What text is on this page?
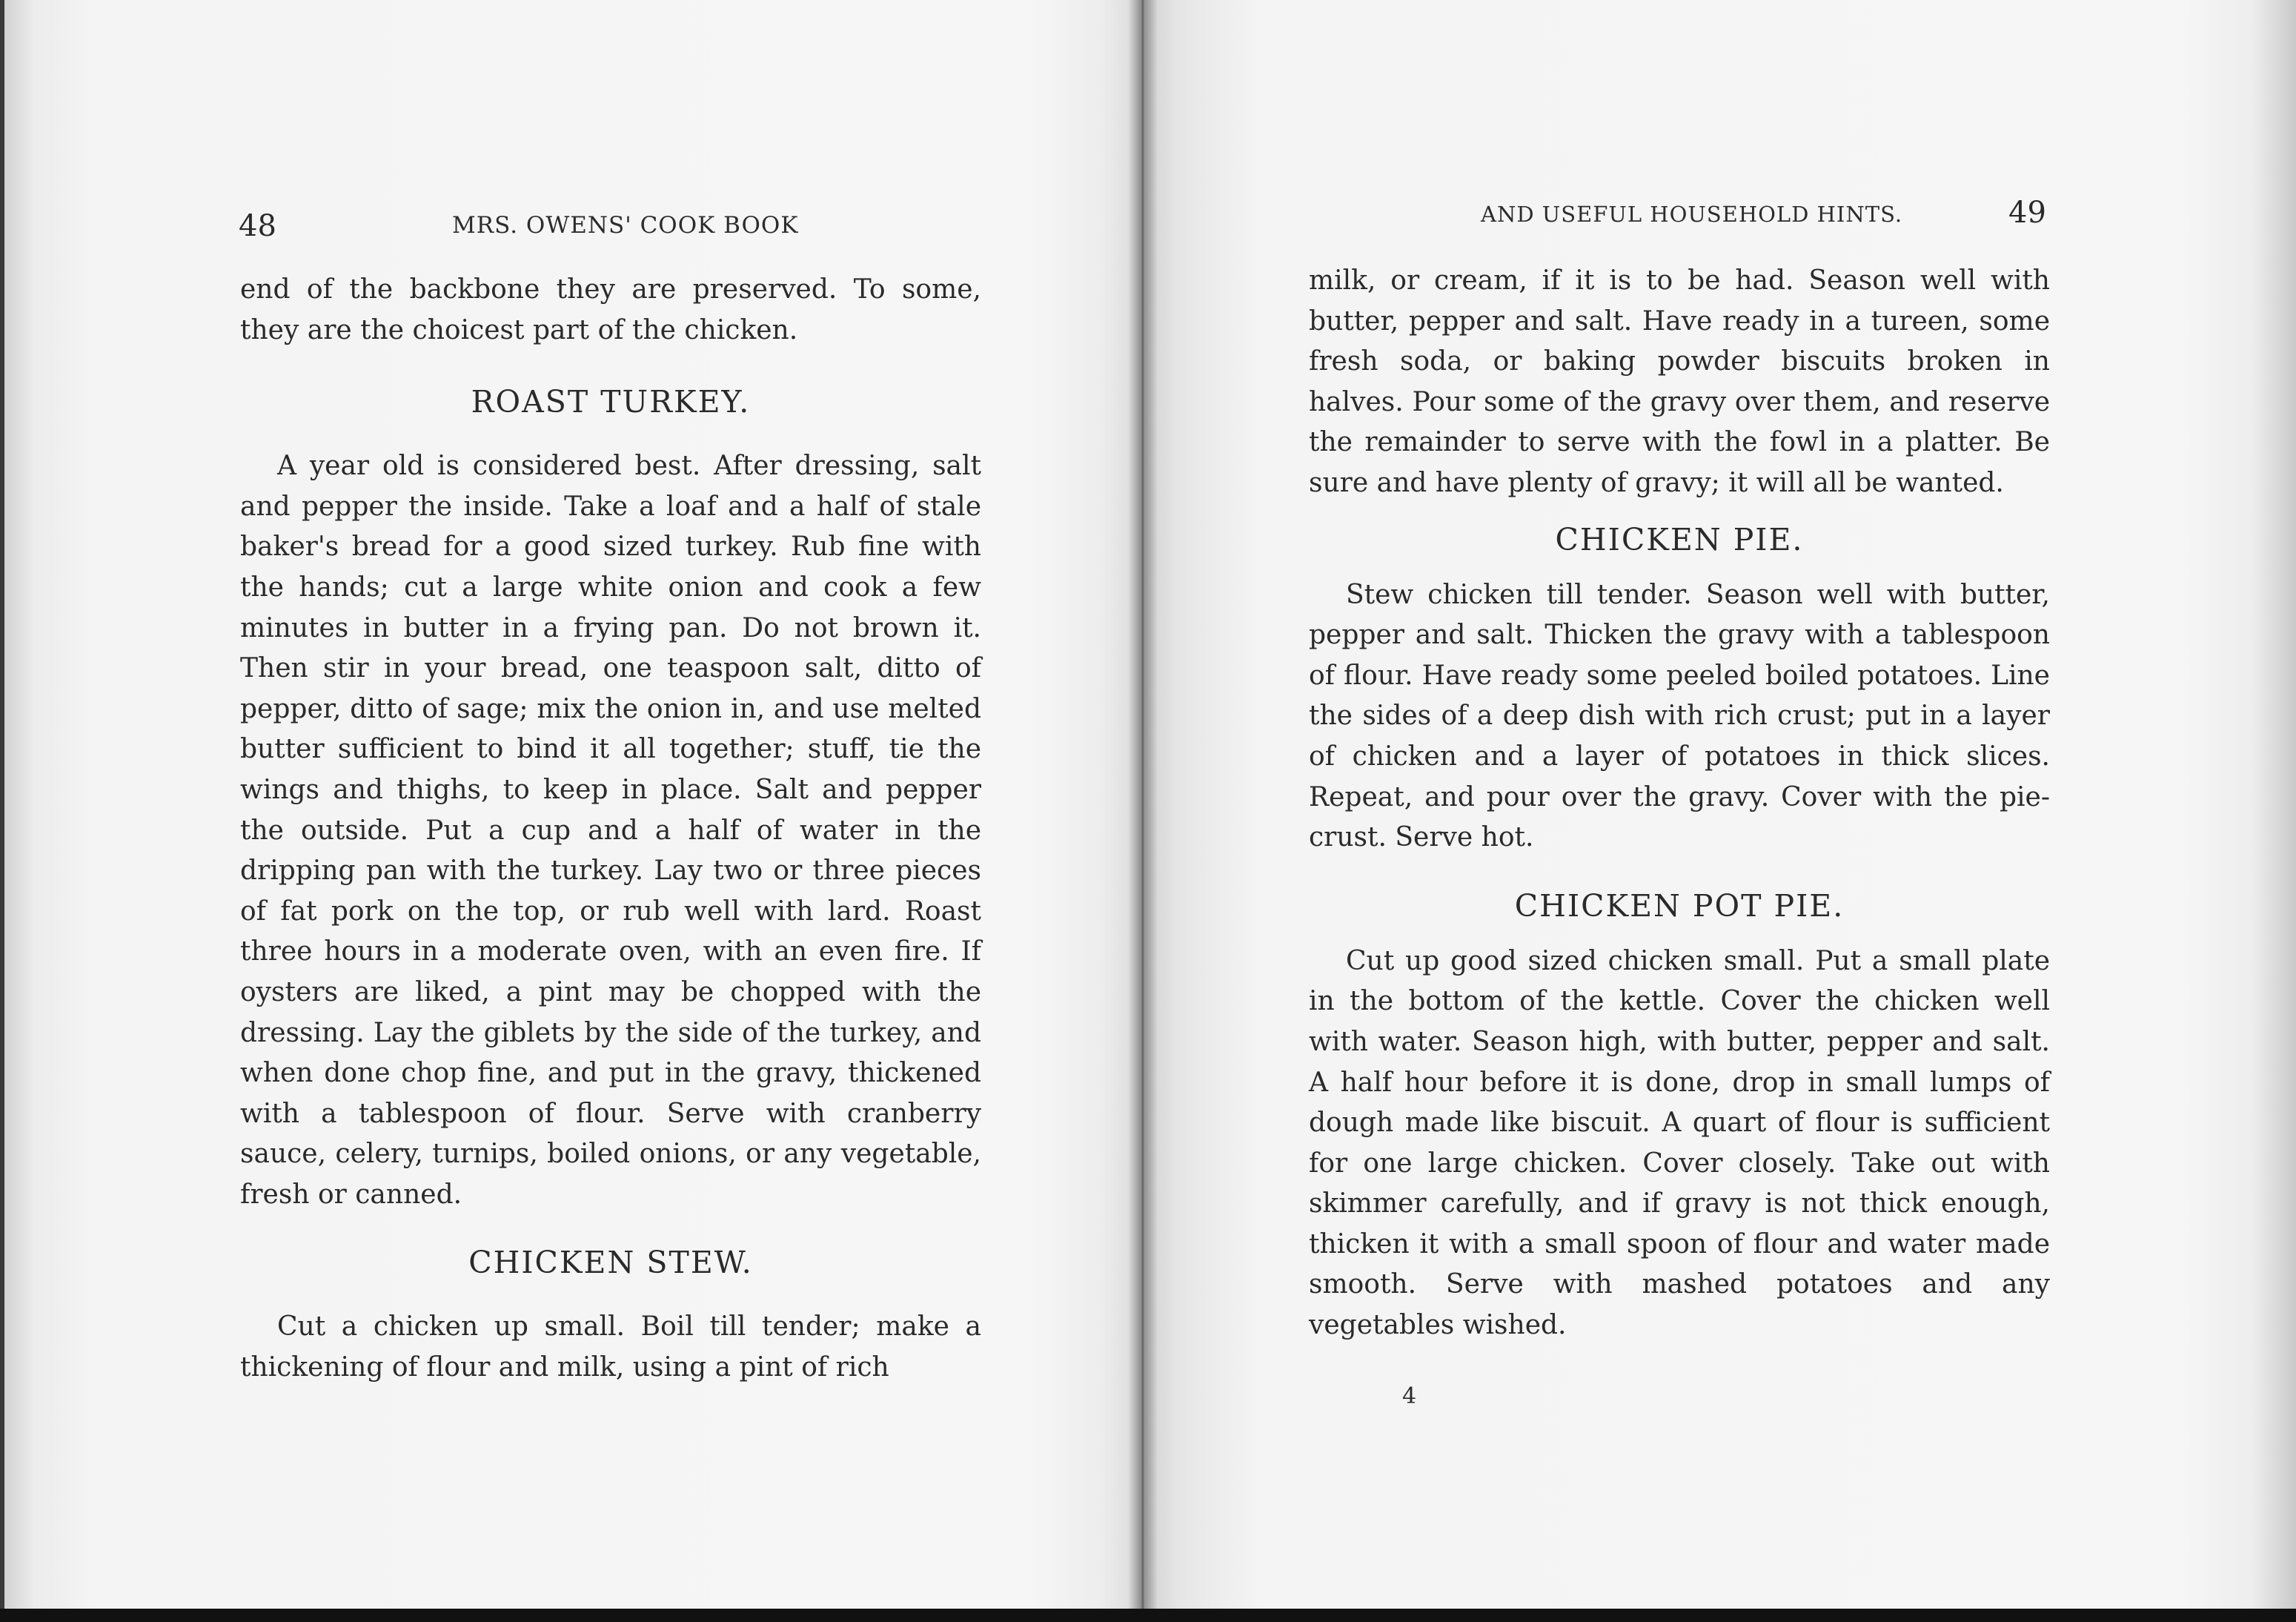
48	MRS. OWENS' COOK BOOK

end of the backbone they are preserved. To some, they are the choicest part of the chicken.

ROAST TURKEY.

A year old is considered best. After dressing, salt and pepper the inside. Take a loaf and a half of stale baker's bread for a good sized turkey. Rub fine with the hands; cut a large white onion and cook a few minutes in butter in a frying pan. Do not brown it. Then stir in your bread, one teaspoon salt, ditto of pepper, ditto of sage; mix the onion in, and use melted butter sufficient to bind it all together; stuff, tie the wings and thighs, to keep in place. Salt and pepper the outside. Put a cup and a half of water in the dripping pan with the turkey. Lay two or three pieces of fat pork on the top, or rub well with lard. Roast three hours in a moderate oven, with an even fire. If oysters are liked, a pint may be chopped with the dressing. Lay the giblets by the side of the turkey, and when done chop fine, and put in the gravy, thickened with a tablespoon of flour. Serve with cranberry sauce, celery, turnips, boiled onions, or any vegetable, fresh or canned.

CHICKEN STEW.

Cut a chicken up small. Boil till tender; make a thickening of flour and milk, using a pint of rich

AND USEFUL HOUSEHOLD HINTS.	49

milk, or cream, if it is to be had. Season well with butter, pepper and salt. Have ready in a tureen, some fresh soda, or baking powder biscuits broken in halves. Pour some of the gravy over them, and reserve the remainder to serve with the fowl in a platter. Be sure and have plenty of gravy; it will all be wanted.

CHICKEN PIE.

Stew chicken till tender. Season well with butter, pepper and salt. Thicken the gravy with a tablespoon of flour. Have ready some peeled boiled potatoes. Line the sides of a deep dish with rich crust; put in a layer of chicken and a layer of potatoes in thick slices. Repeat, and pour over the gravy. Cover with the pie-crust. Serve hot.

CHICKEN POT PIE.

Cut up good sized chicken small. Put a small plate in the bottom of the kettle. Cover the chicken well with water. Season high, with butter, pepper and salt. A half hour before it is done, drop in small lumps of dough made like biscuit. A quart of flour is sufficient for one large chicken. Cover closely. Take out with skimmer carefully, and if gravy is not thick enough, thicken it with a small spoon of flour and water made smooth. Serve with mashed potatoes and any vegetables wished.

4
